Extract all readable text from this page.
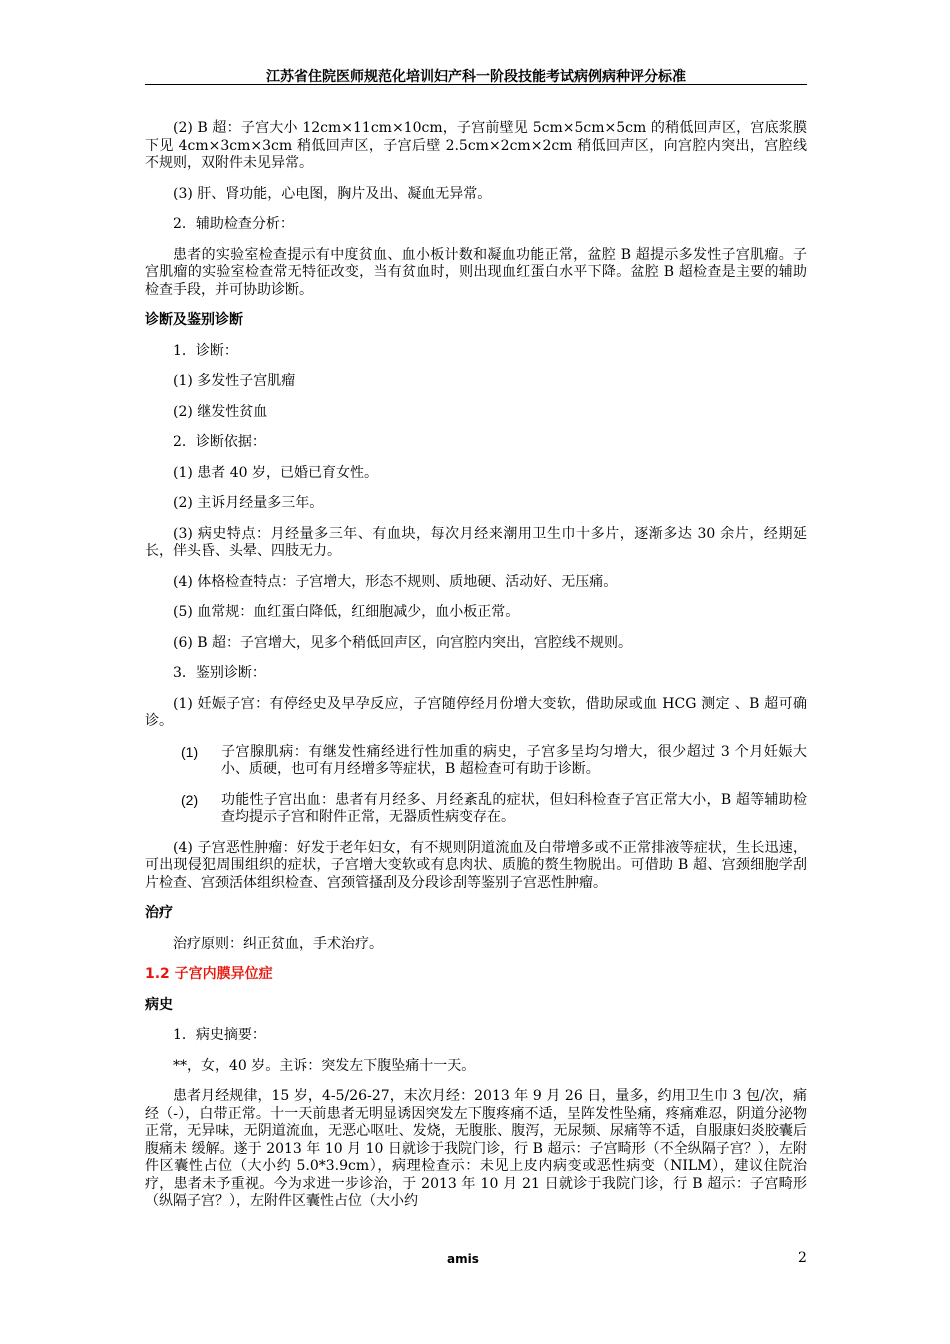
江苏省住院医师规范化培训妇产科一阶段技能考试病例病种评分标准

(2) B 超：子宫大小 12cm×11cm×10cm，子宫前壁见 5cm×5cm×5cm 的稍低回声区，宫底浆膜下见 4cm×3cm×3cm 稍低回声区，子宫后壁 2.5cm×2cm×2cm 稍低回声区，向宫腔内突出，宫腔线不规则，双附件未见异常。

(3) 肝、肾功能，心电图，胸片及出、凝血无异常。

2．辅助检查分析：

患者的实验室检查提示有中度贫血、血小板计数和凝血功能正常，盆腔 B 超提示多发性子宫肌瘤。子宫肌瘤的实验室检查常无特征改变，当有贫血时，则出现血红蛋白水平下降。盆腔 B 超检查是主要的辅助检查手段，并可协助诊断。

诊断及鉴别诊断

1．诊断：

(1) 多发性子宫肌瘤

(2) 继发性贫血

2．诊断依据：

(1) 患者 40 岁，已婚已育女性。

(2) 主诉月经量多三年。

(3) 病史特点：月经量多三年、有血块，每次月经来潮用卫生巾十多片，逐渐多达 30 余片，经期延长，伴头昏、头晕、四肢无力。

(4) 体格检查特点：子宫增大，形态不规则、质地硬、活动好、无压痛。

(5) 血常规：血红蛋白降低，红细胞减少，血小板正常。

(6) B 超：子宫增大，见多个稍低回声区，向宫腔内突出，宫腔线不规则。

3．鉴别诊断：

(1) 妊娠子宫：有停经史及早孕反应，子宫随停经月份增大变软，借助尿或血 HCG 测定 、B 超可确诊。

(1)	子宫腺肌病：有继发性痛经进行性加重的病史，子宫多呈均匀增大，很少超过 3 个月妊娠大小、质硬，也可有月经增多等症状，B 超检查可有助于诊断。
(2)	功能性子宫出血：患者有月经多、月经紊乱的症状，但妇科检查子宫正常大小，B 超等辅助检查均提示子宫和附件正常，无器质性病变存在。

(4) 子宫恶性肿瘤：好发于老年妇女，有不规则阴道流血及白带增多或不正常排液等症状，生长迅速，可出现侵犯周围组织的症状，子宫增大变软或有息肉状、质脆的赘生物脱出。可借助 B 超、宫颈细胞学刮片检查、宫颈活体组织检查、宫颈管搔刮及分段诊刮等鉴别子宫恶性肿瘤。

治疗

治疗原则：纠正贫血，手术治疗。

1.2 子宫内膜异位症
病史

1．病史摘要：

**，女，40 岁。主诉：突发左下腹坠痛十一天。

患者月经规律，15 岁，4-5/26-27，末次月经：2013 年 9 月 26 日，量多，约用卫生巾 3 包/次，痛经（-），白带正常。十一天前患者无明显诱因突发左下腹疼痛不适，呈阵发性坠痛，疼痛难忍，阴道分泌物正常，无异味，无阴道流血，无恶心呕吐、发烧，无腹胀、腹泻，无尿频、尿痛等不适，自服康妇炎胶囊后腹痛未 缓解。遂于 2013 年 10 月 10 日就诊于我院门诊，行 B 超示：子宫畸形（不全纵隔子宫？），左附件区囊性占位（大小约 5.0*3.9cm），病理检查示：未见上皮内病变或恶性病变（NILM），建议住院治疗，患者未予重视。今为求进一步诊治，于 2013 年 10 月 21 日就诊于我院门诊，行 B 超示：子宫畸形（纵隔子宫？），左附件区囊性占位（大小约

amis	2
